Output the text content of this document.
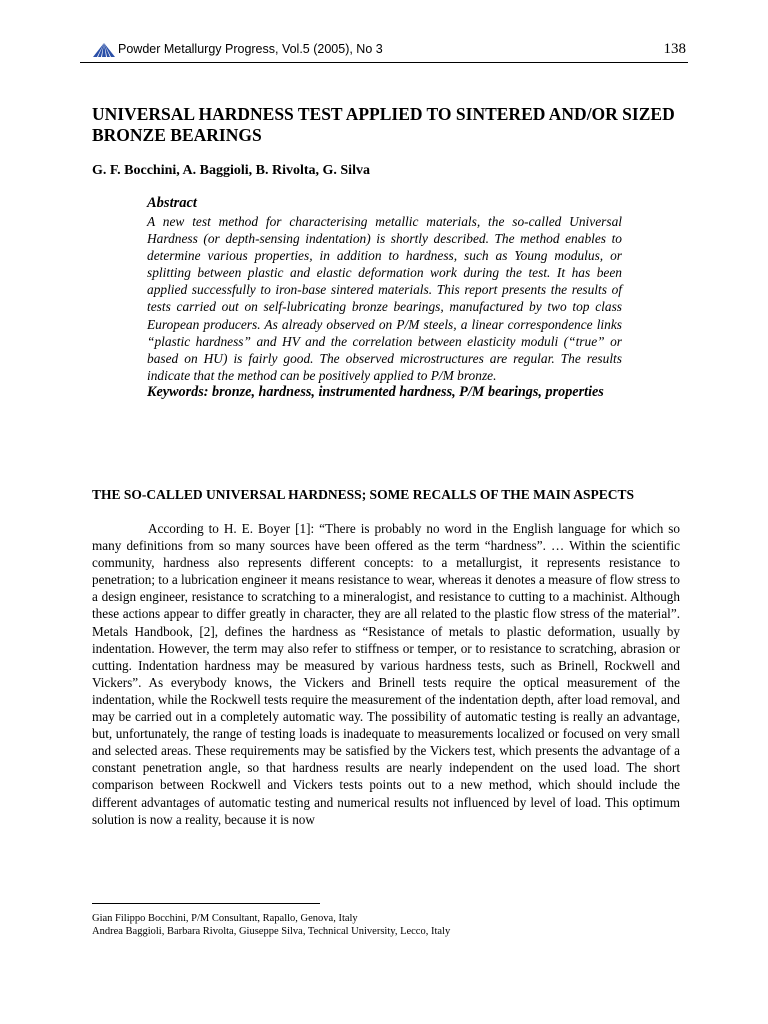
Powder Metallurgy Progress, Vol.5 (2005), No 3	138
UNIVERSAL HARDNESS TEST APPLIED TO SINTERED AND/OR SIZED BRONZE BEARINGS

G. F. Bocchini, A. Baggioli, B. Rivolta, G. Silva

Abstract

A new test method for characterising metallic materials, the so-called Universal Hardness (or depth-sensing indentation) is shortly described. The method enables to determine various properties, in addition to hardness, such as Young modulus, or splitting between plastic and elastic deformation work during the test. It has been applied successfully to iron-base sintered materials. This report presents the results of tests carried out on self-lubricating bronze bearings, manufactured by two top class European producers. As already observed on P/M steels, a linear correspondence links “plastic hardness” and HV and the correlation between elasticity moduli (“true” or based on HU) is fairly good. The observed microstructures are regular. The results indicate that the method can be positively applied to P/M bronze.

Keywords: bronze, hardness, instrumented hardness, P/M bearings, properties

THE SO-CALLED UNIVERSAL HARDNESS; SOME RECALLS OF THE MAIN ASPECTS

According to H. E. Boyer [1]: “There is probably no word in the English language for which so many definitions from so many sources have been offered as the term “hardness”. … Within the scientific community, hardness also represents different concepts: to a metallurgist, it represents resistance to penetration; to a lubrication engineer it means resistance to wear, whereas it denotes a measure of flow stress to a design engineer, resistance to scratching to a mineralogist, and resistance to cutting to a machinist. Although these actions appear to differ greatly in character, they are all related to the plastic flow stress of the material”. Metals Handbook, [2], defines the hardness as “Resistance of metals to plastic deformation, usually by indentation. However, the term may also refer to stiffness or temper, or to resistance to scratching, abrasion or cutting. Indentation hardness may be measured by various hardness tests, such as Brinell, Rockwell and Vickers”. As everybody knows, the Vickers and Brinell tests require the optical measurement of the indentation, while the Rockwell tests require the measurement of the indentation depth, after load removal, and may be carried out in a completely automatic way. The possibility of automatic testing is really an advantage, but, unfortunately, the range of testing loads is inadequate to measurements localized or focused on very small and selected areas. These requirements may be satisfied by the Vickers test, which presents the advantage of a constant penetration angle, so that hardness results are nearly independent on the used load. The short comparison between Rockwell and Vickers tests points out to a new method, which should include the different advantages of automatic testing and numerical results not influenced by level of load. This optimum solution is now a reality, because it is now

Gian Filippo Bocchini, P/M Consultant, Rapallo, Genova, Italy
Andrea Baggioli, Barbara Rivolta, Giuseppe Silva, Technical University, Lecco, Italy
